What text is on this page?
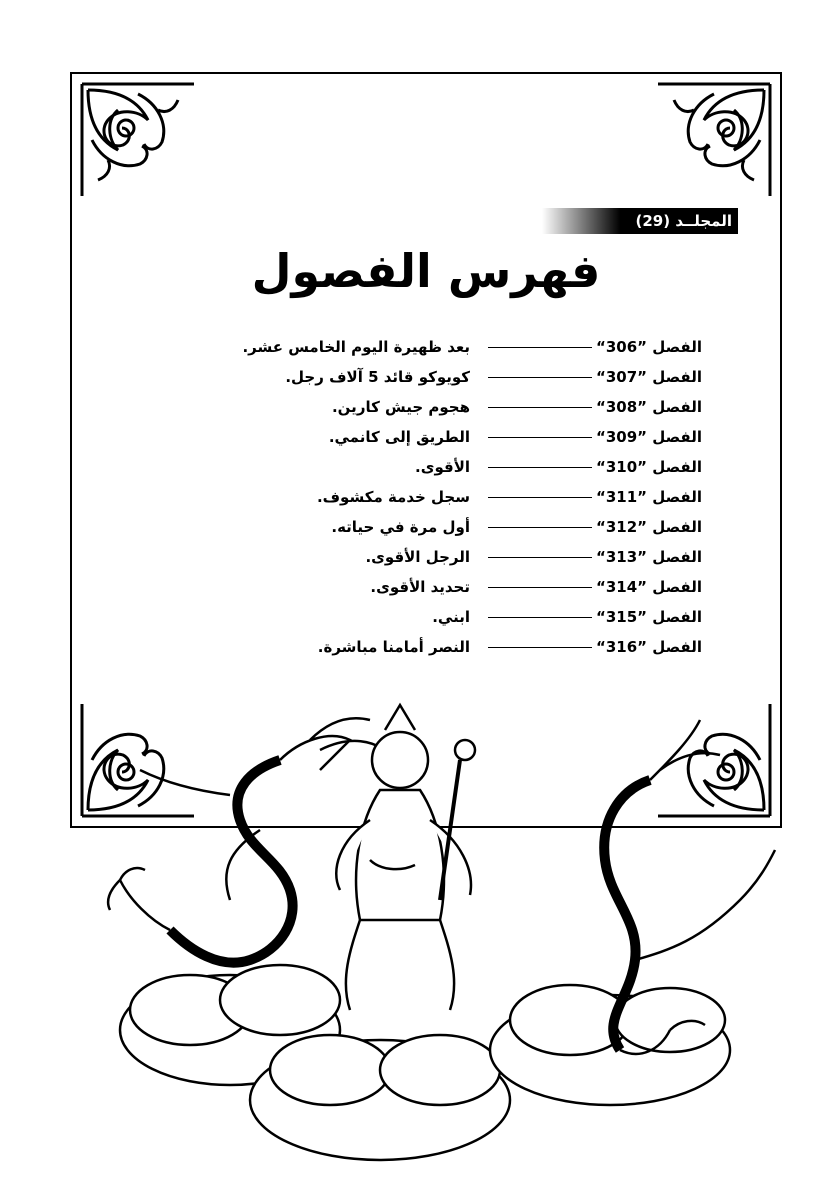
المجلــد (29)
فهرس الفصول
الفصل ”306“
بعد ظهيرة اليوم الخامس عشر.
الفصل ”307“
كويوكو قائد 5 آلاف رجل.
الفصل ”308“
هجوم جيش كارين.
الفصل ”309“
الطريق إلى كانمي.
الفصل ”310“
الأقوى.
الفصل ”311“
سجل خدمة مكشوف.
الفصل ”312“
أول مرة في حياته.
الفصل ”313“
الرجل الأقوى.
الفصل ”314“
تحديد الأقوى.
الفصل ”315“
ابني.
الفصل ”316“
النصر أمامنا مباشرة.
